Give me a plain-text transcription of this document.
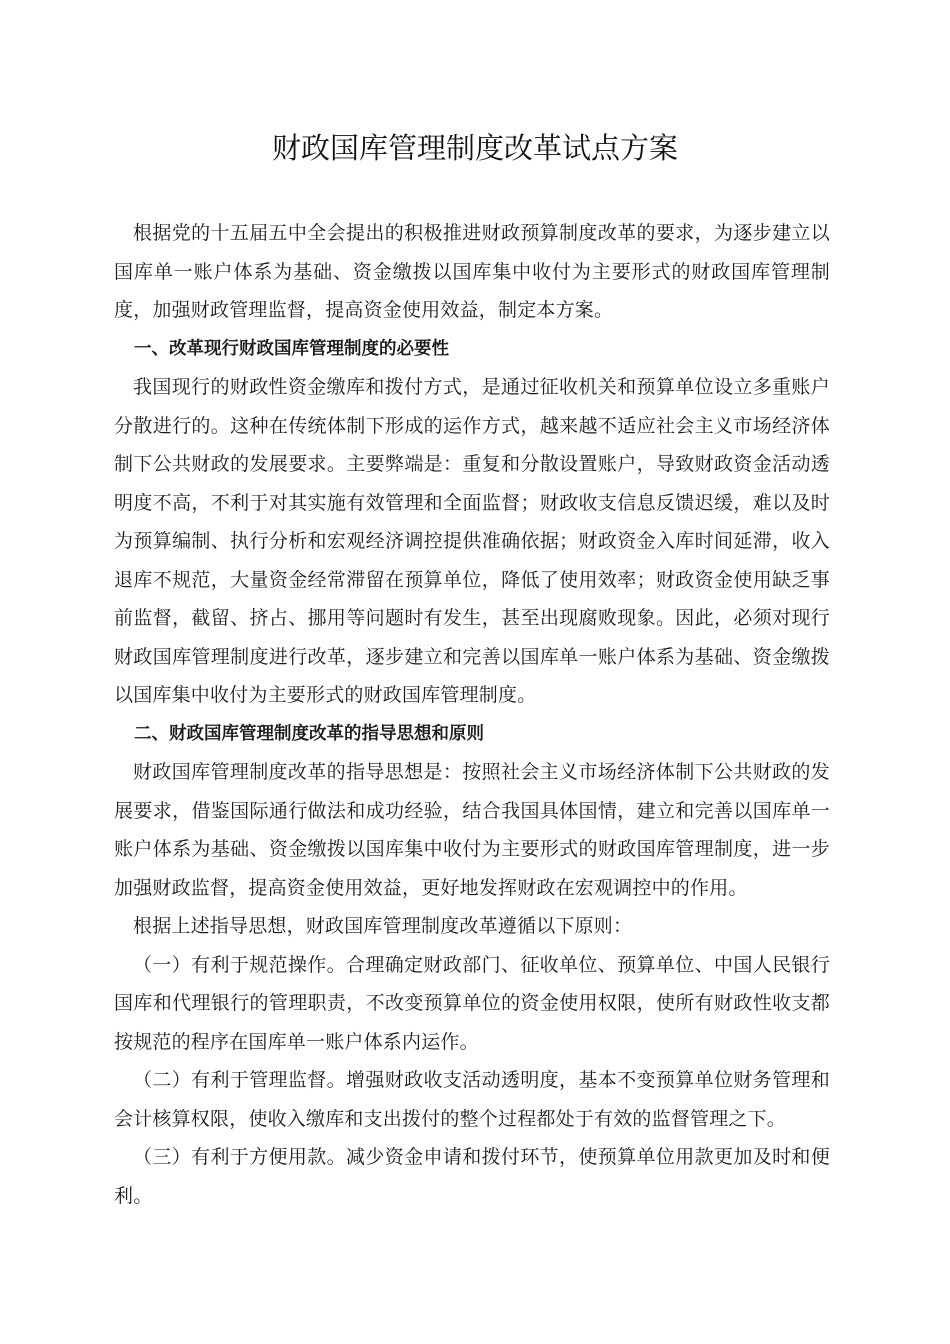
财政国库管理制度改革试点方案

根据党的十五届五中全会提出的积极推进财政预算制度改革的要求，为逐步建立以国库单一账户体系为基础、资金缴拨以国库集中收付为主要形式的财政国库管理制度，加强财政管理监督，提高资金使用效益，制定本方案。

一、改革现行财政国库管理制度的必要性

我国现行的财政性资金缴库和拨付方式，是通过征收机关和预算单位设立多重账户分散进行的。这种在传统体制下形成的运作方式，越来越不适应社会主义市场经济体制下公共财政的发展要求。主要弊端是：重复和分散设置账户，导致财政资金活动透明度不高，不利于对其实施有效管理和全面监督；财政收支信息反馈迟缓，难以及时为预算编制、执行分析和宏观经济调控提供准确依据；财政资金入库时间延滞，收入退库不规范，大量资金经常滞留在预算单位，降低了使用效率；财政资金使用缺乏事前监督，截留、挤占、挪用等问题时有发生，甚至出现腐败现象。因此，必须对现行财政国库管理制度进行改革，逐步建立和完善以国库单一账户体系为基础、资金缴拨以国库集中收付为主要形式的财政国库管理制度。

二、财政国库管理制度改革的指导思想和原则

财政国库管理制度改革的指导思想是：按照社会主义市场经济体制下公共财政的发展要求，借鉴国际通行做法和成功经验，结合我国具体国情，建立和完善以国库单一账户体系为基础、资金缴拨以国库集中收付为主要形式的财政国库管理制度，进一步加强财政监督，提高资金使用效益，更好地发挥财政在宏观调控中的作用。

根据上述指导思想，财政国库管理制度改革遵循以下原则：

（一）有利于规范操作。合理确定财政部门、征收单位、预算单位、中国人民银行国库和代理银行的管理职责，不改变预算单位的资金使用权限，使所有财政性收支都按规范的程序在国库单一账户体系内运作。

（二）有利于管理监督。增强财政收支活动透明度，基本不变预算单位财务管理和会计核算权限，使收入缴库和支出拨付的整个过程都处于有效的监督管理之下。

（三）有利于方便用款。减少资金申请和拨付环节，使预算单位用款更加及时和便利。
